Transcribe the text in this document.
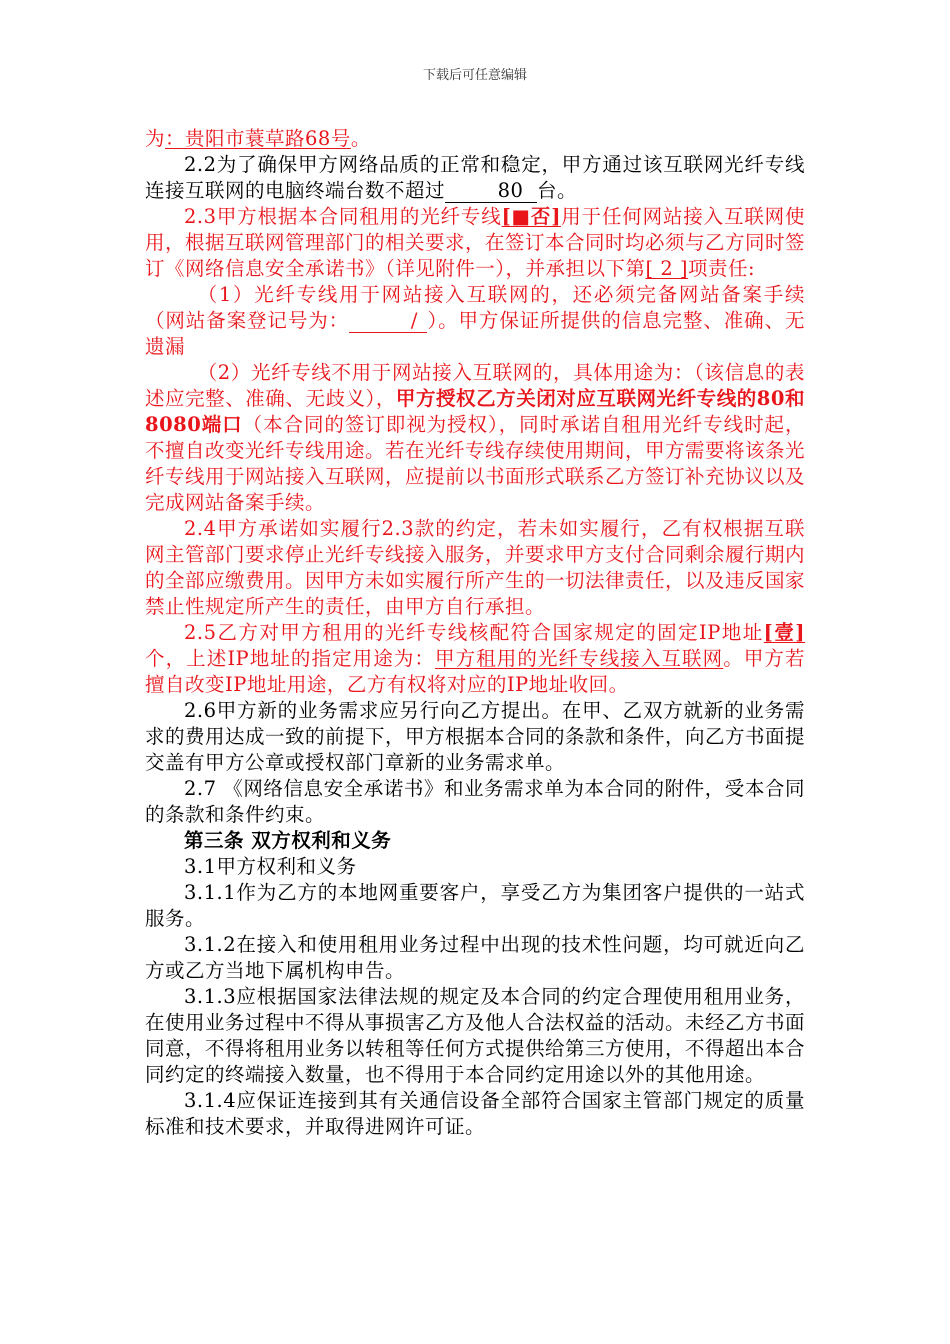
下载后可任意编辑

为：贵阳市蓑草路68号。

2.2为了确保甲方网络品质的正常和稳定，甲方通过该互联网光纤专线连接互联网的电脑终端台数不超过	80 台。

2.3甲方根据本合同租用的光纤专线[■否]用于任何网站接入互联网使用，根据互联网管理部门的相关要求，在签订本合同时均必须与乙方同时签订《网络信息安全承诺书》（详见附件一），并承担以下第[ 2 ]项责任:

（1）光纤专线用于网站接入互联网的，还必须完备网站备案手续（网站备案登记号为：	/ ）。甲方保证所提供的信息完整、准确、无遗漏

（2）光纤专线不用于网站接入互联网的，具体用途为：（该信息的表述应完整、准确、无歧义），甲方授权乙方关闭对应互联网光纤专线的80和8080端口（本合同的签订即视为授权），同时承诺自租用光纤专线时起，不擅自改变光纤专线用途。若在光纤专线存续使用期间，甲方需要将该条光纤专线用于网站接入互联网，应提前以书面形式联系乙方签订补充协议以及完成网站备案手续。

2.4甲方承诺如实履行2.3款的约定，若未如实履行，乙有权根据互联网主管部门要求停止光纤专线接入服务，并要求甲方支付合同剩余履行期内的全部应缴费用。因甲方未如实履行所产生的一切法律责任，以及违反国家禁止性规定所产生的责任，由甲方自行承担。

2.5乙方对甲方租用的光纤专线核配符合国家规定的固定IP地址[壹]个，上述IP地址的指定用途为：甲方租用的光纤专线接入互联网。甲方若擅自改变IP地址用途，乙方有权将对应的IP地址收回。

2.6甲方新的业务需求应另行向乙方提出。在甲、乙双方就新的业务需求的费用达成一致的前提下，甲方根据本合同的条款和条件，向乙方书面提交盖有甲方公章或授权部门章新的业务需求单。

2.7 《网络信息安全承诺书》和业务需求单为本合同的附件，受本合同的条款和条件约束。

第三条 双方权利和义务

3.1甲方权利和义务

3.1.1作为乙方的本地网重要客户，享受乙方为集团客户提供的一站式服务。

3.1.2在接入和使用租用业务过程中出现的技术性问题，均可就近向乙方或乙方当地下属机构申告。

3.1.3应根据国家法律法规的规定及本合同的约定合理使用租用业务，在使用业务过程中不得从事损害乙方及他人合法权益的活动。未经乙方书面同意，不得将租用业务以转租等任何方式提供给第三方使用，不得超出本合同约定的终端接入数量，也不得用于本合同约定用途以外的其他用途。

3.1.4应保证连接到其有关通信设备全部符合国家主管部门规定的质量标准和技术要求，并取得进网许可证。
